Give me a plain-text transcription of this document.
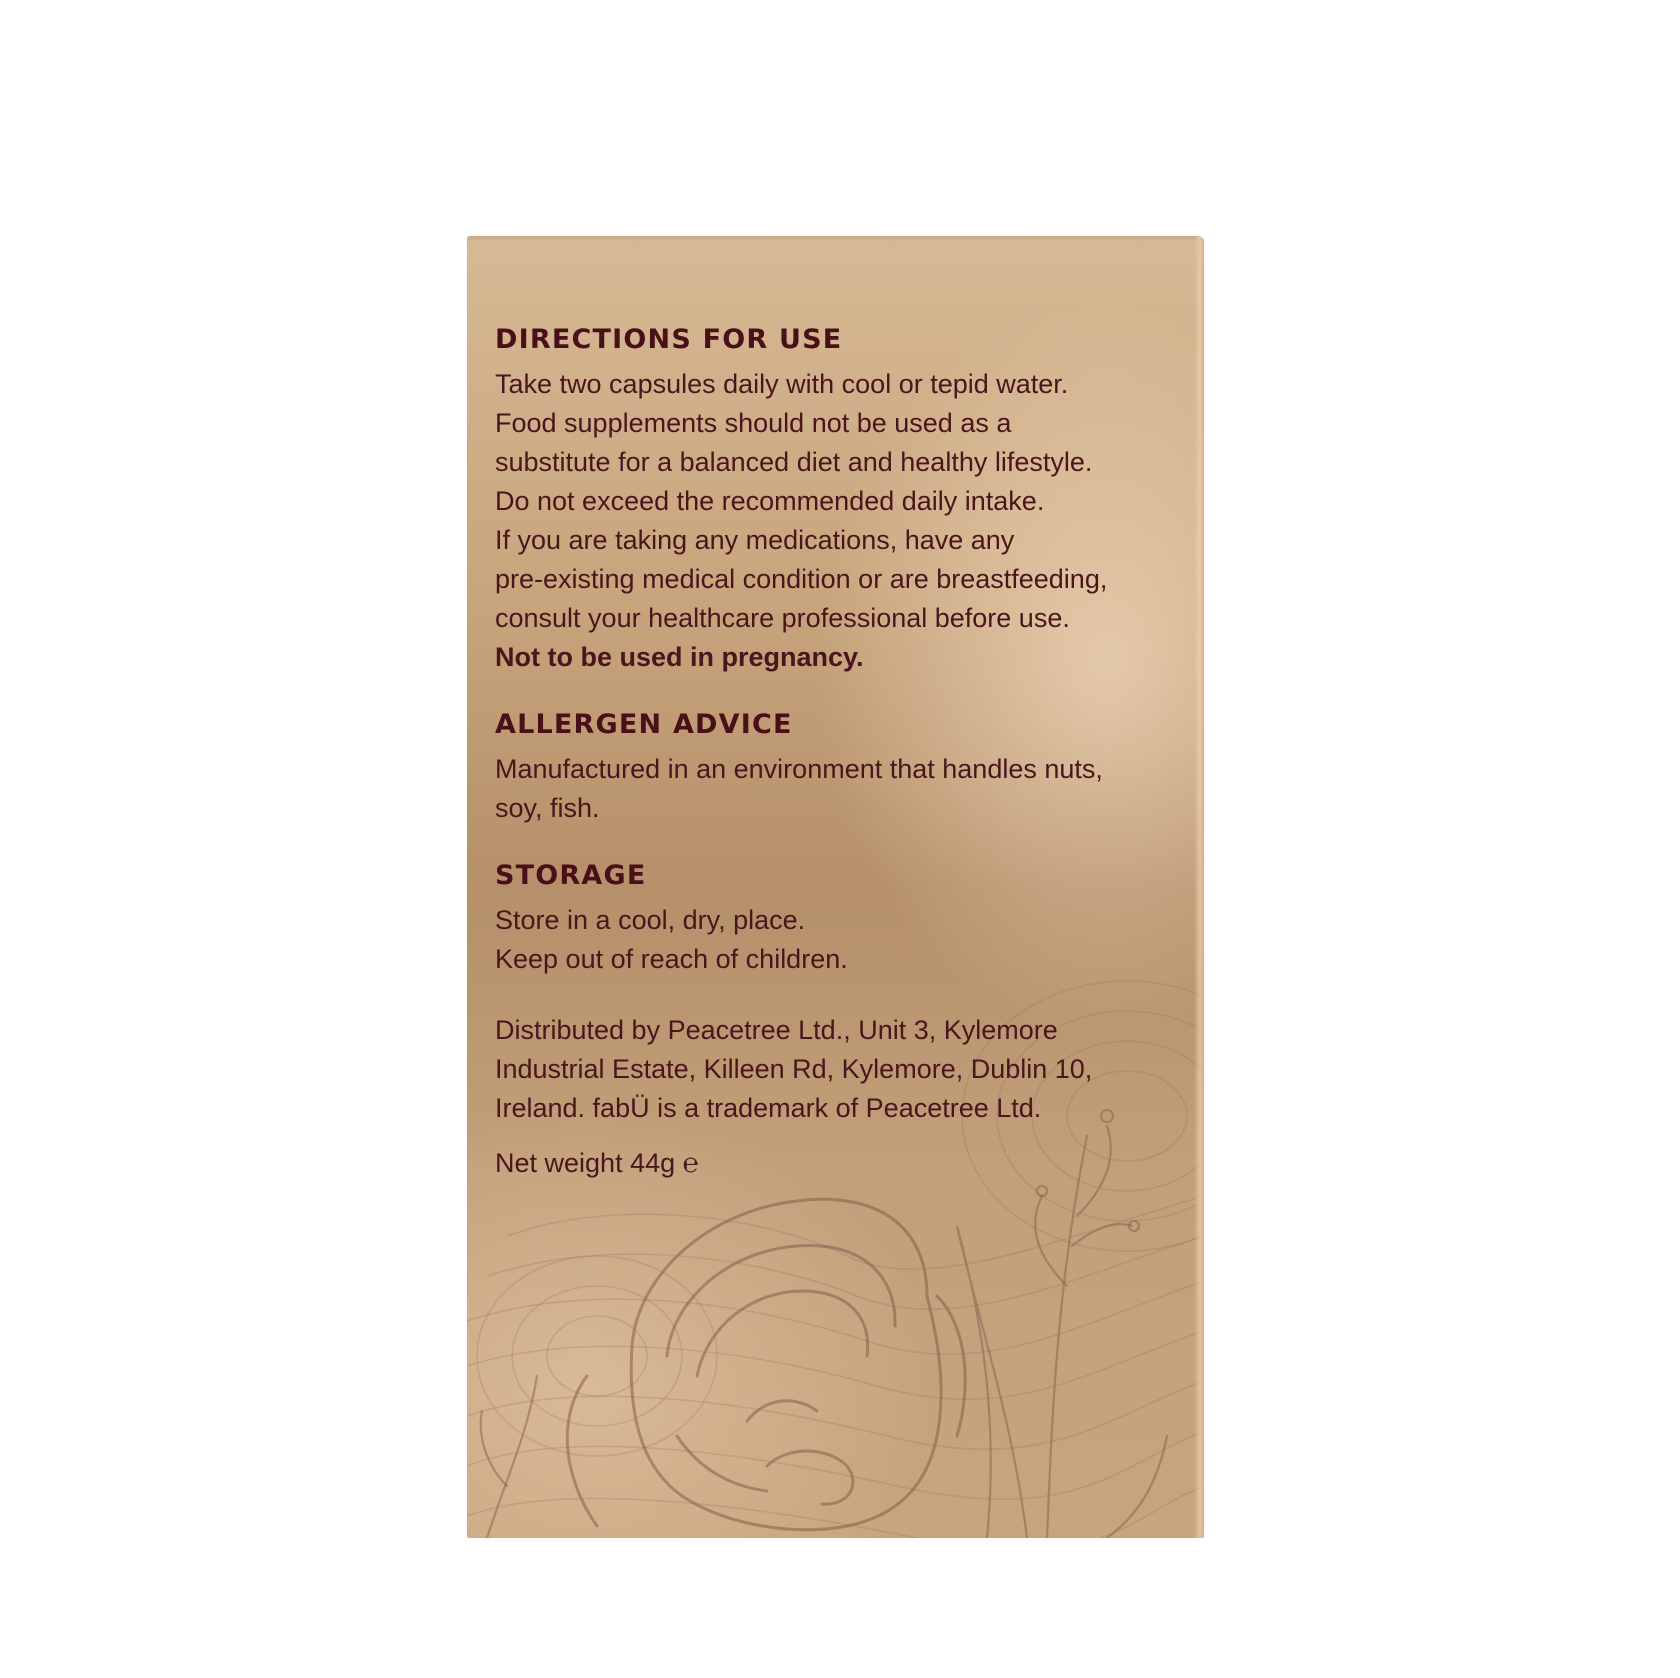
DIRECTIONS FOR USE
Take two capsules daily with cool or tepid water.
Food supplements should not be used as a
substitute for a balanced diet and healthy lifestyle.
Do not exceed the recommended daily intake.
If you are taking any medications, have any
pre-existing medical condition or are breastfeeding,
consult your healthcare professional before use.
Not to be used in pregnancy.
ALLERGEN ADVICE
Manufactured in an environment that handles nuts,
soy, fish.
STORAGE
Store in a cool, dry, place.
Keep out of reach of children.
Distributed by Peacetree Ltd., Unit 3, Kylemore
Industrial Estate, Killeen Rd, Kylemore, Dublin 10,
Ireland. fabÜ is a trademark of Peacetree Ltd.
Net weight 44g ℮
